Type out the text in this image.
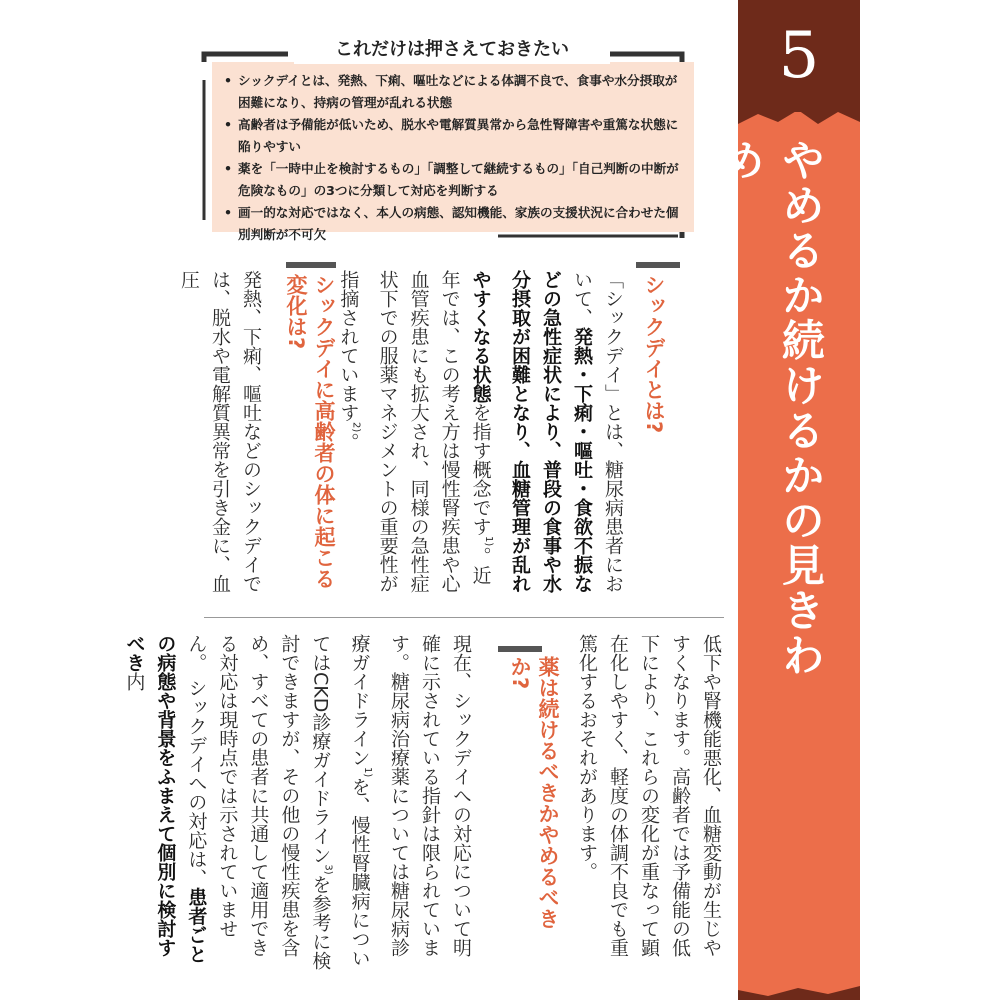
5
やめるか続けるかの見きわめ
これだけは押さえておきたい
• シックデイとは、発熱、下痢、嘔吐などによる体調不良で、食事や水分摂取が困難になり、持病の管理が乱れる状態
• 高齢者は予備能が低いため、脱水や電解質異常から急性腎障害や重篤な状態に陥りやすい
• 薬を「一時中止を検討するもの」「調整して継続するもの」「自己判断の中断が危険なもの」の3つに分類して対応を判断する
• 画一的な対応ではなく、本人の病態、認知機能、家族の支援状況に合わせた個別判断が不可欠
シックデイとは?
「シックデイ」とは、糖尿病患者において、発熱・下痢・嘔吐・食欲不振などの急性症状により、普段の食事や水分摂取が困難となり、血糖管理が乱れやすくなる状態を指す概念です$^{1)}$。近年では、この考え方は慢性腎疾患や心血管疾患にも拡大され、同様の急性症状下での服薬マネジメントの重要性が指摘されています$^{2)}$。
シックデイに高齢者の体に起こる変化は?
発熱、下痢、嘔吐などのシックデイでは、脱水や電解質異常を引き金に、血圧
低下や腎機能悪化、血糖変動が生じやすくなります。高齢者では予備能の低下により、これらの変化が重なって顕在化しやすく、軽度の体調不良でも重篤化するおそれがあります。
薬は続けるべきかやめるべきか?
現在、シックデイへの対応について明確に示されている指針は限られています。糖尿病治療薬については糖尿病診療ガイドライン$^{1)}$を、慢性腎臓病についてはCKD診療ガイドライン$^{3)}$を参考に検討できますが、その他の慢性疾患を含め、すべての患者に共通して適用できる対応は現時点では示されていません。 シックデイへの対応は、患者ごとの病態や背景をふまえて個別に検討すべき内
